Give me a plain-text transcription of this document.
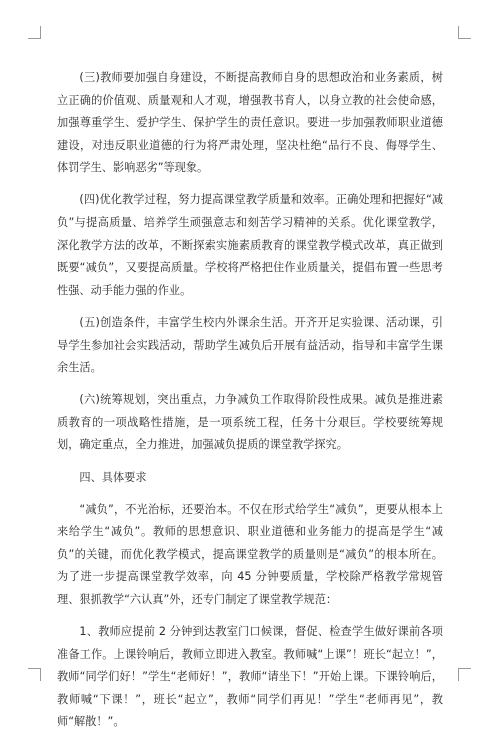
(三)教师要加强自身建设，不断提高教师自身的思想政治和业务素质，树立正确的价值观、质量观和人才观，增强教书育人，以身立教的社会使命感，加强尊重学生、爱护学生、保护学生的责任意识。要进一步加强教师职业道德建设，对违反职业道德的行为将严肃处理，坚决杜绝“品行不良、侮辱学生、体罚学生、影响恶劣”等现象。

(四)优化教学过程，努力提高课堂教学质量和效率。正确处理和把握好“减负”与提高质量、培养学生顽强意志和刻苦学习精神的关系。优化课堂教学，深化教学方法的改革，不断探索实施素质教育的课堂教学模式改革，真正做到既要“减负”，又要提高质量。学校将严格把住作业质量关，提倡布置一些思考性强、动手能力强的作业。

(五)创造条件，丰富学生校内外课余生活。开齐开足实验课、活动课，引导学生参加社会实践活动，帮助学生减负后开展有益活动，指导和丰富学生课余生活。

(六)统筹规划，突出重点，力争减负工作取得阶段性成果。减负是推进素质教育的一项战略性措施，是一项系统工程，任务十分艰巨。学校要统筹规划，确定重点，全力推进，加强减负提质的课堂教学探究。

四、具体要求

“减负”，不光治标，还要治本。不仅在形式给学生“减负”，更要从根本上来给学生“减负”。教师的思想意识、职业道德和业务能力的提高是学生“减负”的关键，而优化教学模式，提高课堂教学的质量则是“减负”的根本所在。为了进一步提高课堂教学效率，向 45 分钟要质量，学校除严格教学常规管理、狠抓教学“六认真”外，还专门制定了课堂教学规范：

1、教师应提前 2 分钟到达教室门口候课，督促、检查学生做好课前各项准备工作。上课铃响后，教师立即进入教室。教师喊“上课”！班长“起立！”，教师“同学们好！”学生“老师好！”，教师“请坐下！”开始上课。下课铃响后，教师喊“下课！”，班长“起立”，教师“同学们再见！”学生“老师再见”，教师“解散！”。
